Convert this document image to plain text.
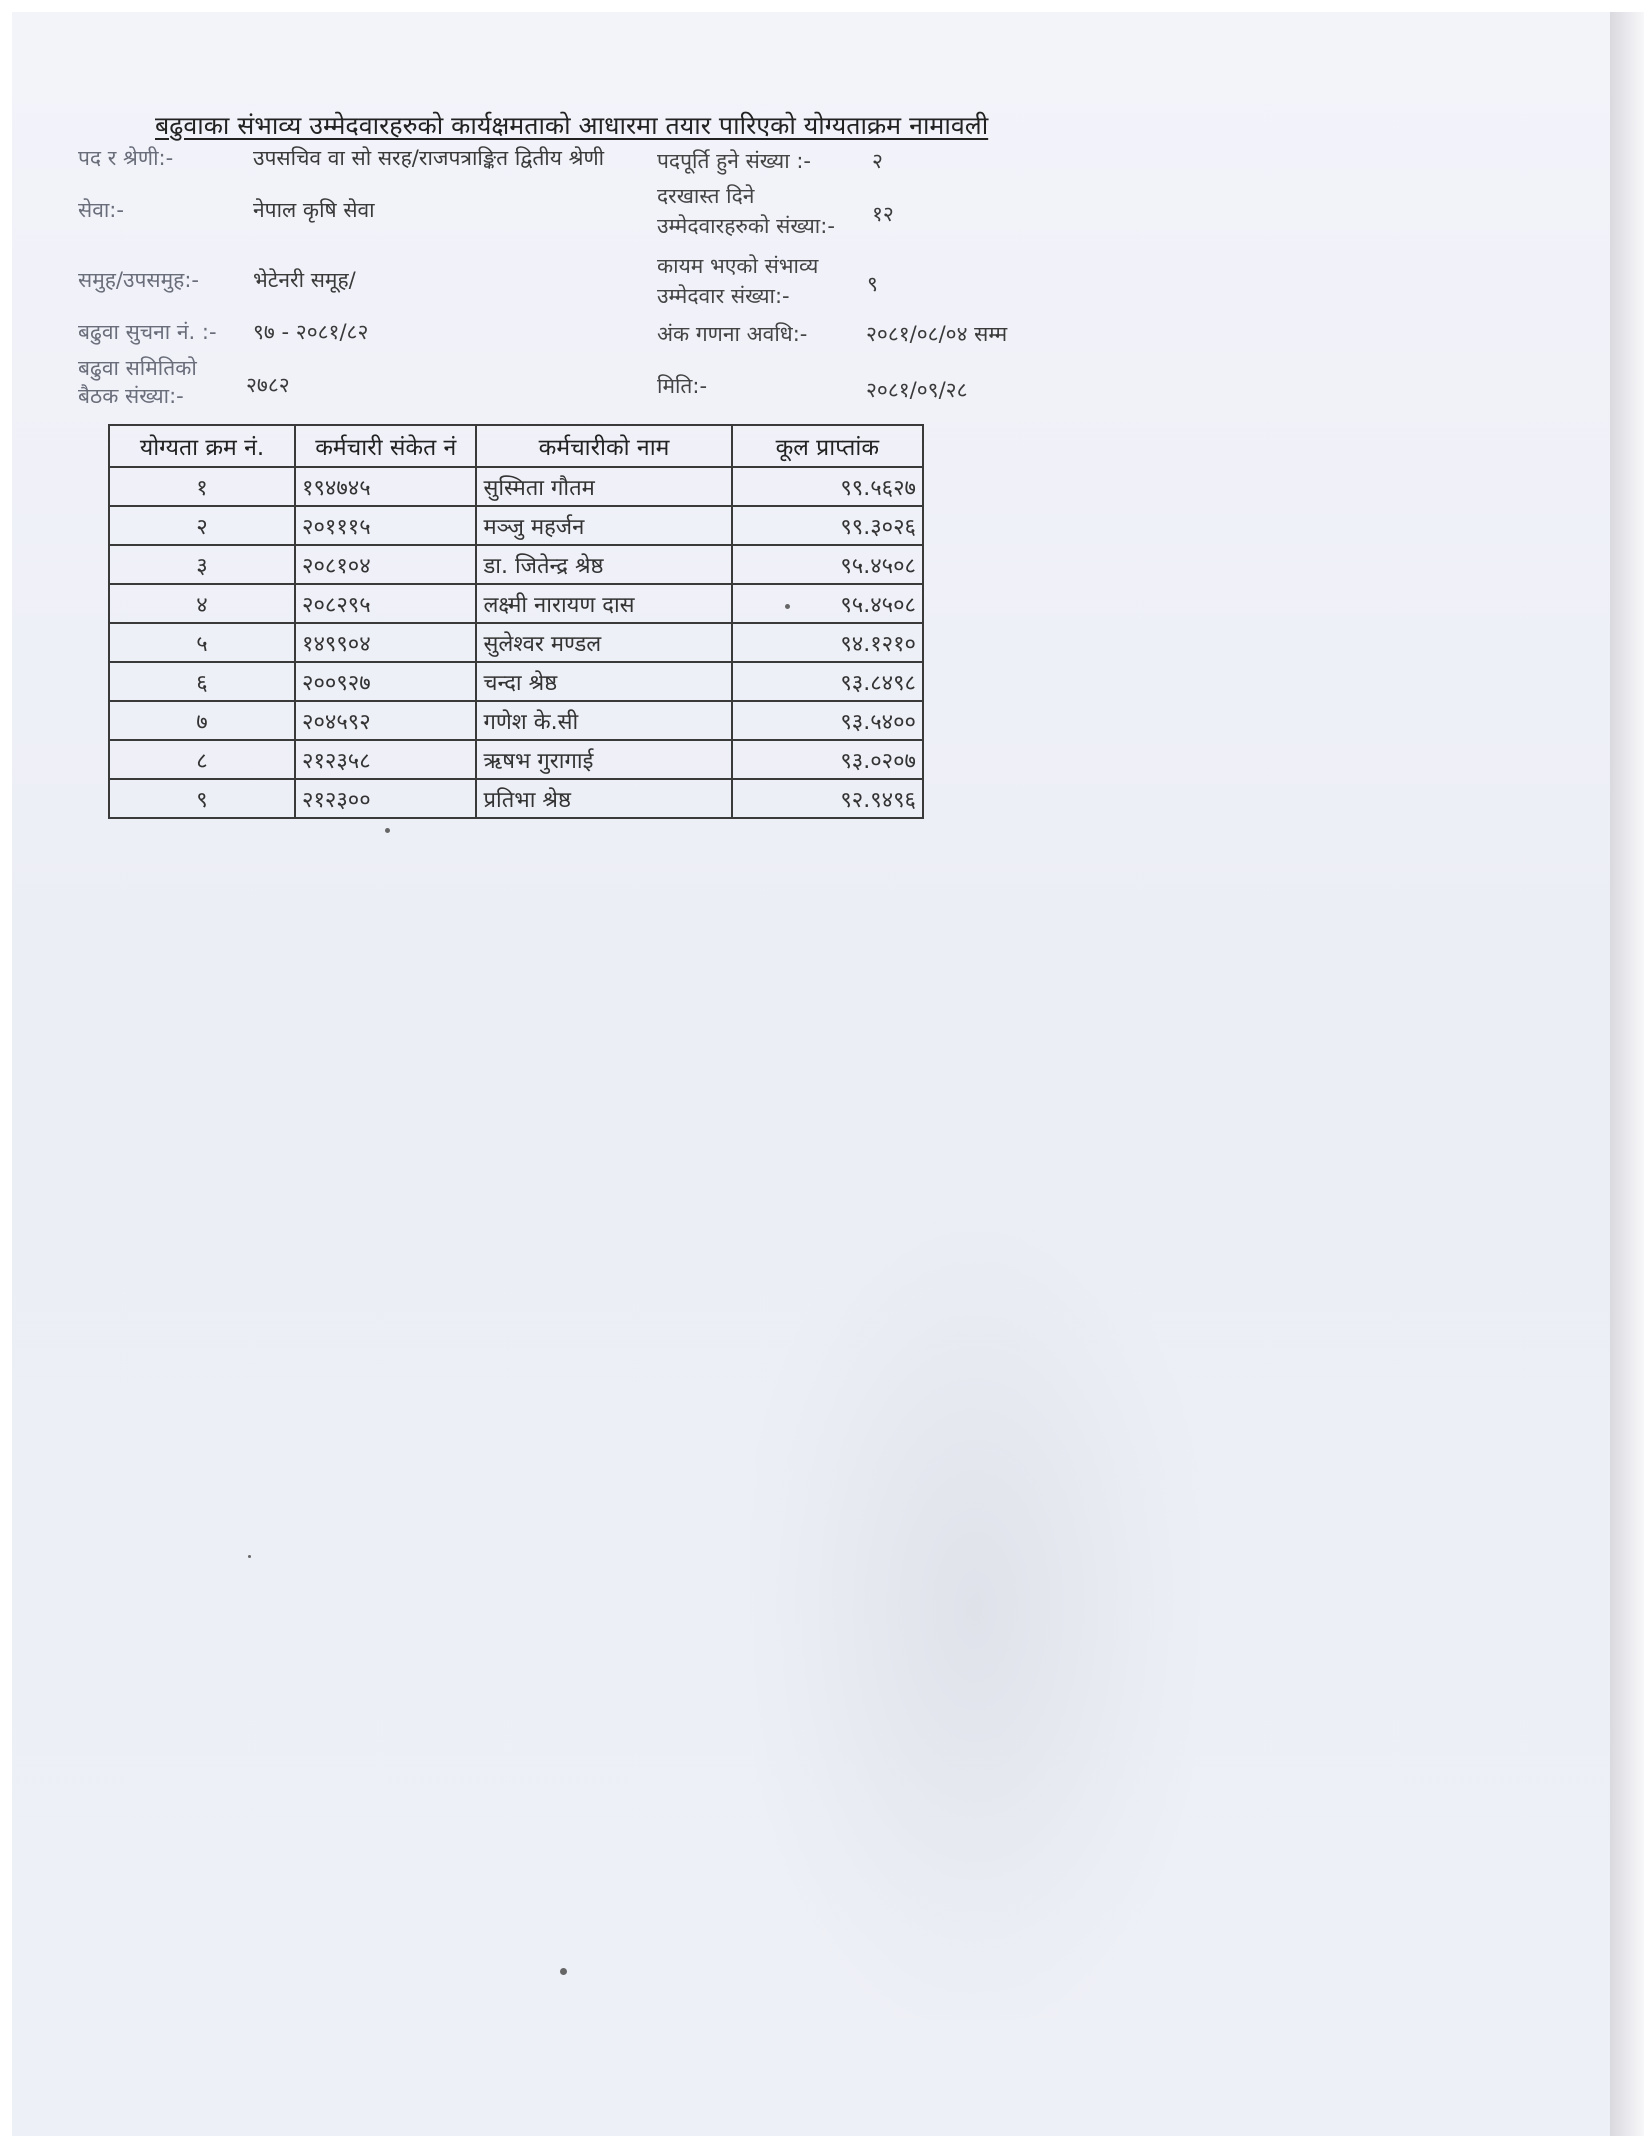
बढुवाका संभाव्य उम्मेदवारहरुको कार्यक्षमताको आधारमा तयार पारिएको योग्यताक्रम नामावली
पद र श्रेणी:-	उपसचिव वा सो सरह/राजपत्राङ्कित द्वितीय श्रेणी
सेवा:-	नेपाल कृषि सेवा
समुह/उपसमुह:-	भेटेनरी समूह/
बढुवा सुचना नं. :- ९७ - २०८१/८२
बढुवा समितिको
बैठक संख्या:-	२७८२
पदपूर्ति हुने संख्या :-	२
दरखास्त दिने
उम्मेदवारहरुको संख्या:- १२
कायम भएको संभाव्य
उम्मेदवार संख्या:-	९
अंक गणना अवधि:-	२०८१/०८/०४ सम्म
मिति:-	२०८१/०९/२८
योग्यता क्रम नं.	कर्मचारी संकेत नं	कर्मचारीको नाम	कूल प्राप्तांक
१	१९४७४५	सुस्मिता गौतम	९९.५६२७
२	२०१११५	मञ्जु महर्जन	९९.३०२६
३	२०८१०४	डा. जितेन्द्र श्रेष्ठ	९५.४५०८
४	२०८२९५	लक्ष्मी नारायण दास	९५.४५०८
५	१४९९०४	सुलेश्वर मण्डल	९४.१२१०
६	२००९२७	चन्दा श्रेष्ठ	९३.८४९८
७	२०४५९२	गणेश के.सी	९३.५४००
८	२१२३५८	ऋषभ गुरागाई	९३.०२०७
९	२१२३००	प्रतिभा श्रेष्ठ	९२.९४९६
